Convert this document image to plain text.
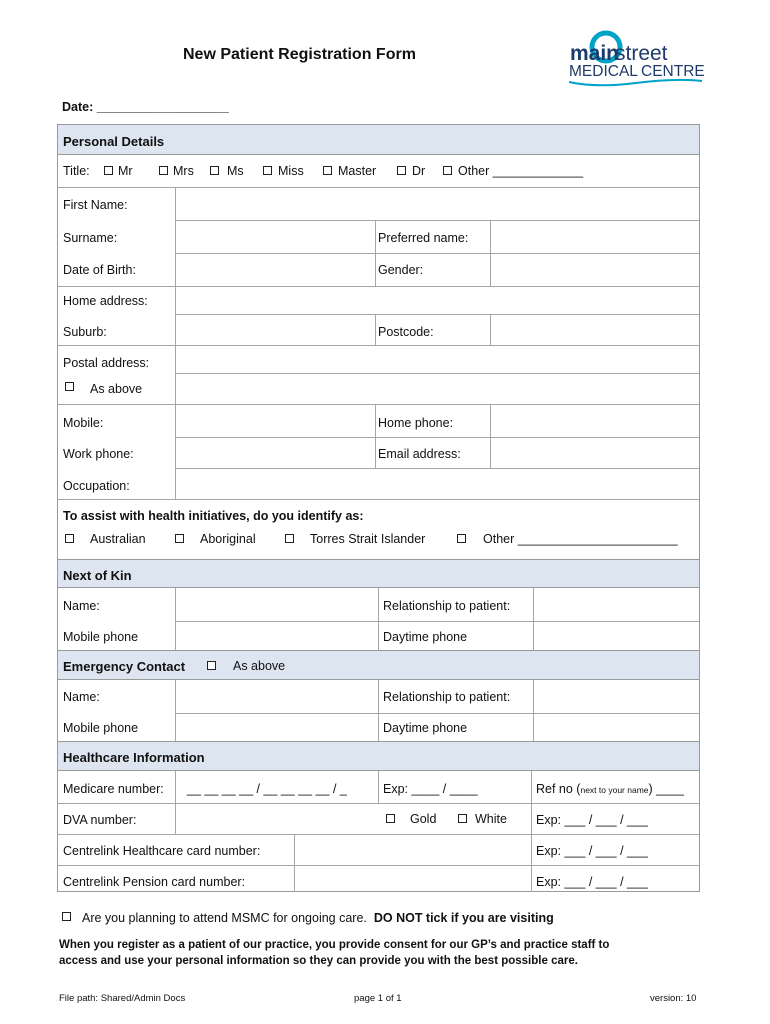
New Patient Registration Form	main
street
MEDICAL CENTRE
Date: ___________________
Personal Details
Next of Kin
Emergency Contact
Healthcare Information
Title: Mr	Mrs	Ms	Miss	Master	Dr	Other _____________
First Name:
Surname:	Preferred name:
Date of Birth:	Gender:
Home address:
Suburb:	Postcode:
Postal address:
As above
Mobile:	Home phone:
Work phone:	Email address:
Occupation:
To assist with health initiatives, do you identify as:
Australian	Aboriginal	Torres Strait Islander	Other _______________________
Name:	Relationship to patient:
Mobile phone	Daytime phone
As above
Name:	Relationship to patient:
Mobile phone	Daytime phone
Medicare number: __ __ __ __ / __ __ __ __ / _	Exp: ____ / ____	Ref no (next to your name) ____
DVA number:	Gold	White Exp: ___ / ___ / ___
Centrelink Healthcare card number:	Exp: ___ / ___ / ___
Centrelink Pension card number:	Exp: ___ / ___ / ___
Are you planning to attend MSMC for ongoing care. DO NOT tick if you are visiting
When you register as a patient of our practice, you provide consent for our GP’s and practice staff to
access and use your personal information so they can provide you with the best possible care.
File path: Shared/Admin Docs	page 1 of 1	version: 10
